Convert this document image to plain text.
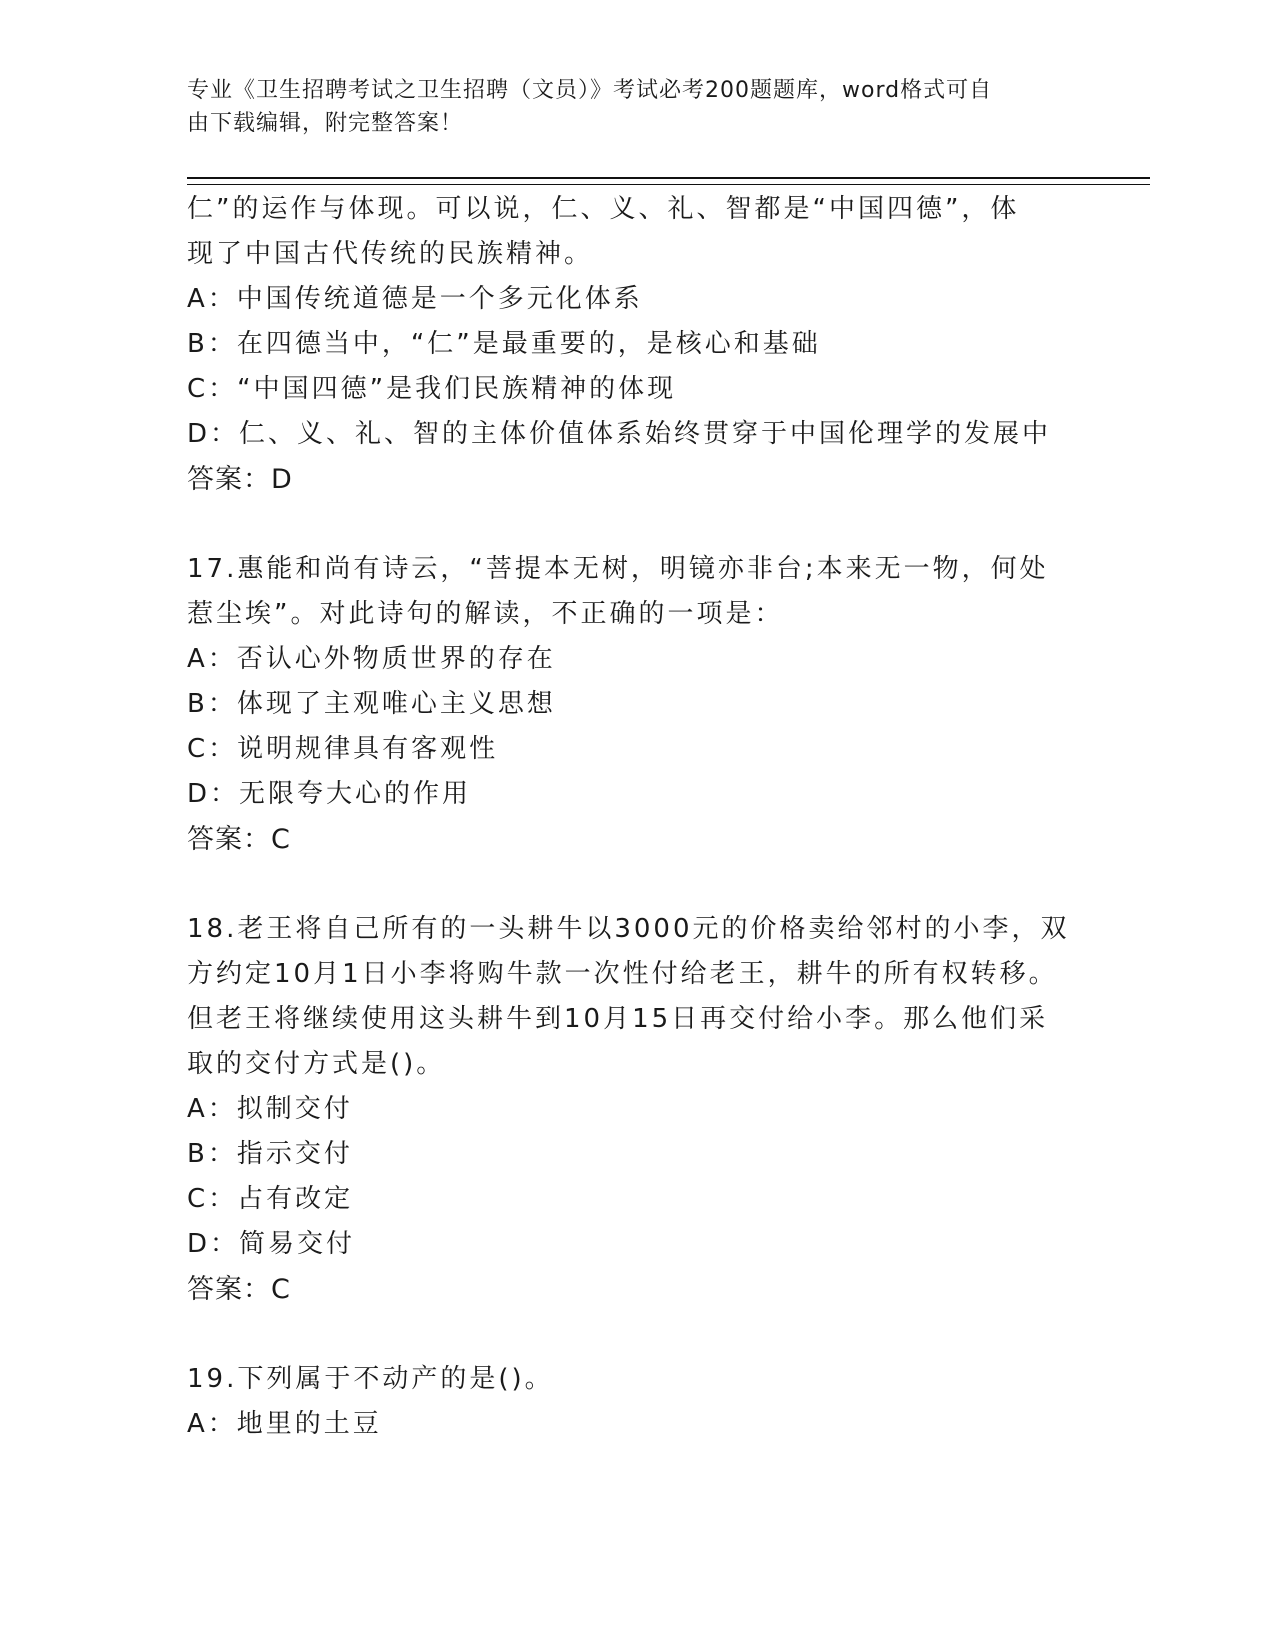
专业《卫生招聘考试之卫生招聘（文员）》考试必考200题题库，word格式可自
由下载编辑，附完整答案！
仁”的运作与体现。可以说，仁、义、礼、智都是“中国四德”，体
现了中国古代传统的民族精神。
A：中国传统道德是一个多元化体系
B：在四德当中，“仁”是最重要的，是核心和基础
C：“中国四德”是我们民族精神的体现
D：仁、义、礼、智的主体价值体系始终贯穿于中国伦理学的发展中
答案：D
17.惠能和尚有诗云，“菩提本无树，明镜亦非台;本来无一物，何处
惹尘埃”。对此诗句的解读，不正确的一项是：
A：否认心外物质世界的存在
B：体现了主观唯心主义思想
C：说明规律具有客观性
D：无限夸大心的作用
答案：C
18.老王将自己所有的一头耕牛以3000元的价格卖给邻村的小李，双
方约定10月1日小李将购牛款一次性付给老王，耕牛的所有权转移。
但老王将继续使用这头耕牛到10月15日再交付给小李。那么他们采
取的交付方式是()。
A：拟制交付
B：指示交付
C：占有改定
D：简易交付
答案：C
19.下列属于不动产的是()。
A：地里的土豆
